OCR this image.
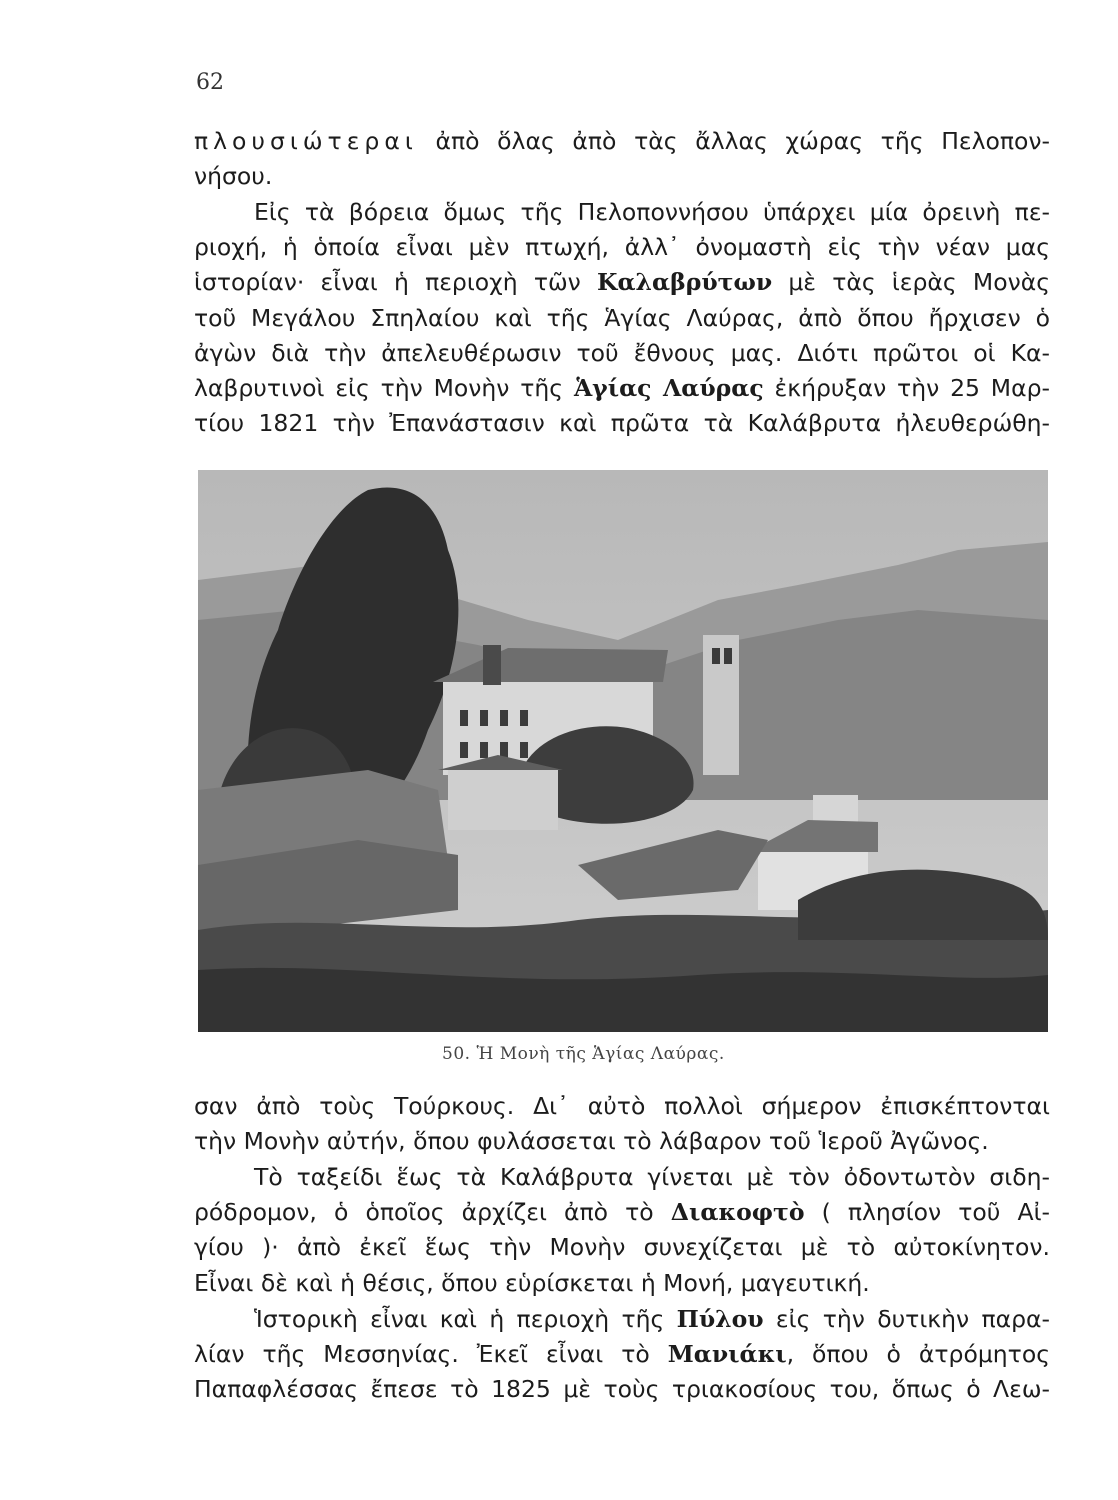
62

πλουσιώτεραι ἀπὸ ὅλας ἀπὸ τὰς ἄλλας χώρας τῆς Πελοπον-
νήσου.

Εἰς τὰ βόρεια ὅμως τῆς Πελοποννήσου ὑπάρχει μία ὀρεινὴ πε-
ριοχή, ἡ ὁποία εἶναι μὲν πτωχή, ἀλλ᾽ ὀνομαστὴ εἰς τὴν νέαν μας
ἱστορίαν· εἶναι ἡ περιοχὴ τῶν Καλαβρύτων μὲ τὰς ἱερὰς Μονὰς
τοῦ Μεγάλου Σπηλαίου καὶ τῆς Ἁγίας Λαύρας, ἀπὸ ὅπου ἤρχισεν ὁ
ἀγὼν διὰ τὴν ἀπελευθέρωσιν τοῦ ἔθνους μας. Διότι πρῶτοι οἱ Κα-
λαβρυτινοὶ εἰς τὴν Μονὴν τῆς Ἁγίας Λαύρας ἐκήρυξαν τὴν 25 Μαρ-
τίου 1821 τὴν Ἐπανάστασιν καὶ πρῶτα τὰ Καλάβρυτα ἠλευθερώθη-

50. Ἡ Μονὴ τῆς Ἁγίας Λαύρας.

σαν ἀπὸ τοὺς Τούρκους. Δι᾽ αὐτὸ πολλοὶ σήμερον ἐπισκέπτονται
τὴν Μονὴν αὐτήν, ὅπου φυλάσσεται τὸ λάβαρον τοῦ Ἱεροῦ Ἀγῶνος.

Τὸ ταξείδι ἕως τὰ Καλάβρυτα γίνεται μὲ τὸν ὀδοντωτὸν σιδη-
ρόδρομον, ὁ ὁποῖος ἀρχίζει ἀπὸ τὸ Διακοφτὸ ( πλησίον τοῦ Αἰ-
γίου )· ἀπὸ ἐκεῖ ἕως τὴν Μονὴν συνεχίζεται μὲ τὸ αὐτοκίνητον.
Εἶναι δὲ καὶ ἡ θέσις, ὅπου εὑρίσκεται ἡ Μονή, μαγευτική.

Ἱστορικὴ εἶναι καὶ ἡ περιοχὴ τῆς Πύλου εἰς τὴν δυτικὴν παρα-
λίαν τῆς Μεσσηνίας. Ἐκεῖ εἶναι τὸ Μανιάκι, ὅπου ὁ ἀτρόμητος
Παπαφλέσσας ἔπεσε τὸ 1825 μὲ τοὺς τριακοσίους του, ὅπως ὁ Λεω-
